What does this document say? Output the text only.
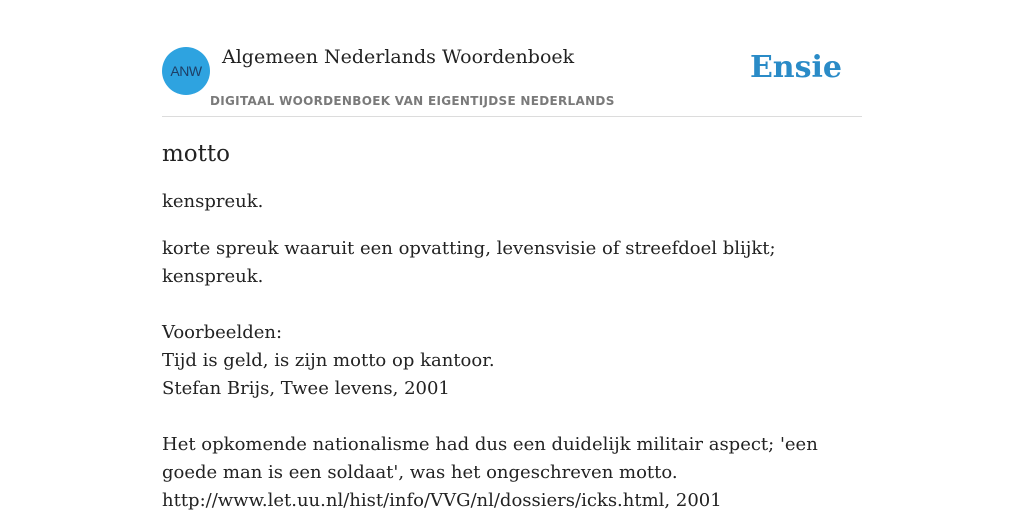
ANW
Algemeen Nederlands Woordenboek
DIGITAAL WOORDENBOEK VAN EIGENTIJDSE NEDERLANDS
Ensie
motto

kenspreuk.

korte spreuk waaruit een opvatting, levensvisie of streefdoel blijkt; kenspreuk.

Voorbeelden:
Tijd is geld, is zijn motto op kantoor.
Stefan Brijs, Twee levens, 2001
Het opkomende nationalisme had dus een duidelijk militair aspect; 'een goede man is een soldaat', was het ongeschreven motto.
http://www.let.uu.nl/hist/info/VVG/nl/dossiers/icks.html, 2001
